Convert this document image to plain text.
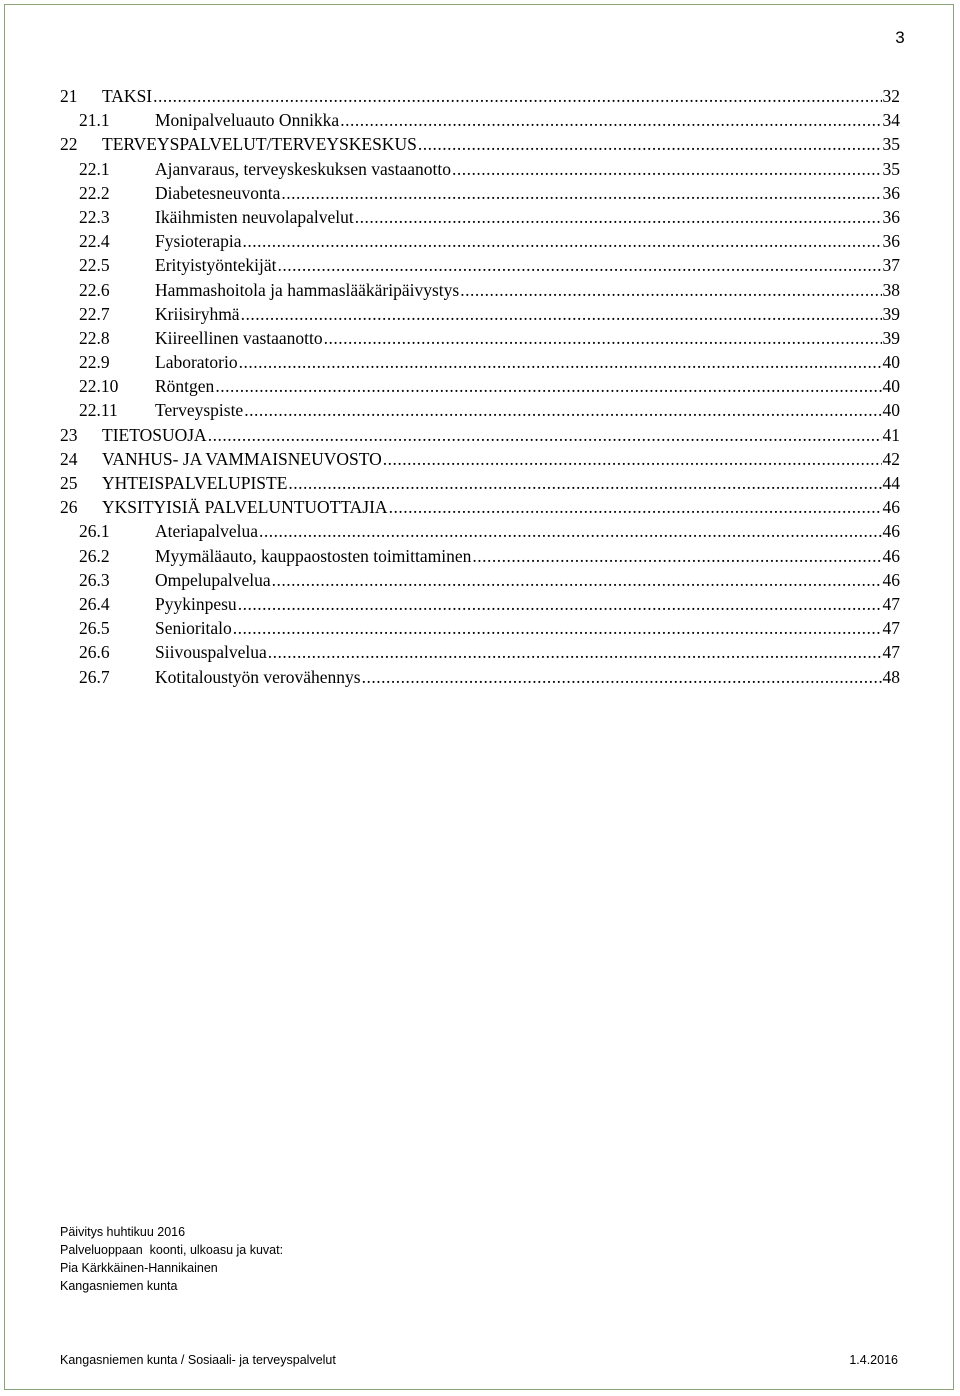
3
21	TAKSI .....	32
21.1	Monipalveluauto Onnikka .....	34
22	TERVEYSPALVELUT/TERVEYSKESKUS .....	35
22.1	Ajanvaraus, terveyskeskuksen vastaanotto .....	35
22.2	Diabetesneuvonta .....	36
22.3	Ikäihmisten neuvolapalvelut .....	36
22.4	Fysioterapia .....	36
22.5	Erityistyöntekijät .....	37
22.6	Hammashoitola ja hammaslääkäripäivystys .....	38
22.7	Kriisiryhmä .....	39
22.8	Kiireellinen vastaanotto .....	39
22.9	Laboratorio .....	40
22.10	Röntgen .....	40
22.11	Terveyspiste .....	40
23	TIETOSUOJA .....	41
24	VANHUS- JA VAMMAISNEUVOSTO .....	42
25	YHTEISPALVELUPISTE .....	44
26	YKSITYISIÄ PALVELUNTUOTTAJIA .....	46
26.1	Ateriapalvelua .....	46
26.2	Myymäläauto, kauppaostosten toimittaminen .....	46
26.3	Ompelupalvelua .....	46
26.4	Pyykinpesu .....	47
26.5	Senioritalo .....	47
26.6	Siivouspalvelua .....	47
26.7	Kotitaloustyön verovähennys .....	48
Päivitys huhtikuu 2016
Palveluoppaan  koonti, ulkoasu ja kuvat:
Pia Kärkkäinen-Hannikainen
Kangasniemen kunta
Kangasniemen kunta / Sosiaali- ja terveyspalvelut	1.4.2016
